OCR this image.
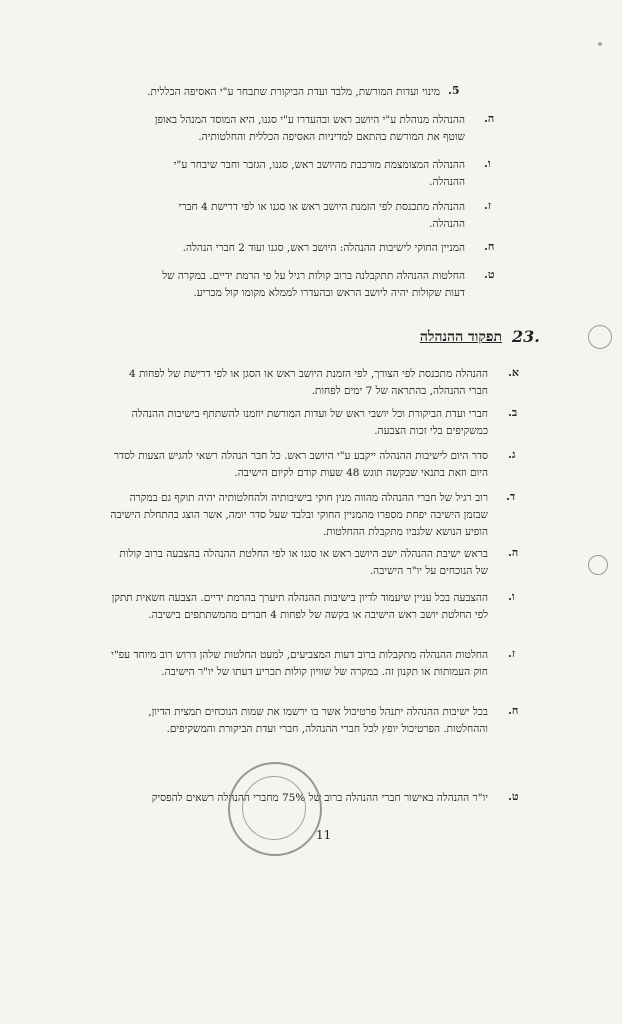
5.
מינוי ועדות המורשת, מלבד ועדת הביקורת שתבחר ע"י האסיפה הכללית.
ה.
ההנהלה מנוהלת ע"י היושב ראש ובהעדרו ע"י סגנו, היא המוסד המנהל באופן שוטף את המורשת בהתאם למדיניות האסיפה הכללית והחלטותיה.
ו.
ההנהלה המצומצמת מורכבת מהיושב ראש, סגנו, הגזבר וחבר שיבחר ע"י ההנהלה.
ז.
ההנהלה מתכנסת לפי הזמנת היושב ראש או סגנו או לפי דרישת 4 חברי ההנהלה.
ח.
המניין החוקי לישיבות ההנהלה: היושב ראש, סגנו ועוד 2 חברי הנהלה.
ט.
החלטות ההנהלה תתקבלנה ברוב קולות רגיל על פי הרמת ידיים. במקרה של דעות שקולות יהיה ליושב הראש ובהעדרו לממלא מקומו קול מכריע.
23.
תפקוד ההנהלה
א.
ההנהלה מתכנסת לפי הצורך, לפי הזמנת היושב ראש או הסגן או לפי דרישת של לפחות 4 חברי ההנהלה, בהתראה של 7 ימים לפחות.
ב.
חברי ועדת הביקורת וכל יושבי ראש של ועדות המורשת יוזמנו להשתתף בישיבות ההנהלה כמשקיפים בלי זכות הצבעה.
ג.
סדר היום לישיבות ההנהלה ייקבע ע"י היושב ראש. כל חבר הנהלה רשאי להגיש הצעות לסדר היום וזאת בתנאי שבקשה תוגש 48 שעות קודם לקיום הישיבה.
ד.
רוב רגיל של חברי ההנהלה מהווה מנין חוקי בישיבותיה ולהחלטותיה יהיה תוקף גם במקרה שבזמן הישיבה יפחת מספרו מהמניין החוקי ובלבד שעל סדר יומה, אשר הוצג בהתחלת הישיבה הופיע הנושא שלגביו מתקבלת ההחלטות.
ה.
בראש ישיבת ההנהלה ישב היושב ראש או סגנו או לפי החלטת ההנהלה בהצבעה ברוב קולות של הנוכחים על יו"ר הישיבה.
ו.
ההצבעה בכל עניין שיעמוד לדיון בישיבות ההנהלה תיערך בהרמת ידיים. הצבעה חשאית תתקן לפי החלטת יושב ראש הישיבה או בקשה של לפחות 4 חברים מהמשתתפים בישיבה.
ז.
החלטות ההנהלה מתקבלות ברוב דעות המצביעים, למעט החלטות שלהן דרוש רוב מיוחד עפ"י חוק העמותות או תקנון זה. במקרה של שוויון קולות תכריע דעתו של יו"ר הישיבה.
ח.
בכל ישיבות ההנהלה יתנהל פרטיכול אשר בו ירשמו את שמות הנוכחים תמצית הדיון, וההחלטות. הפרטיכול יופץ לכל חברי ההנהלה, חברי ועדת הביקורת והמשקיפים.
ט.
יו"ר ההנהלה באישור חברי ההנהלה ברוב של 75% מחברי ההנהלה רשאים להפסיק
11
